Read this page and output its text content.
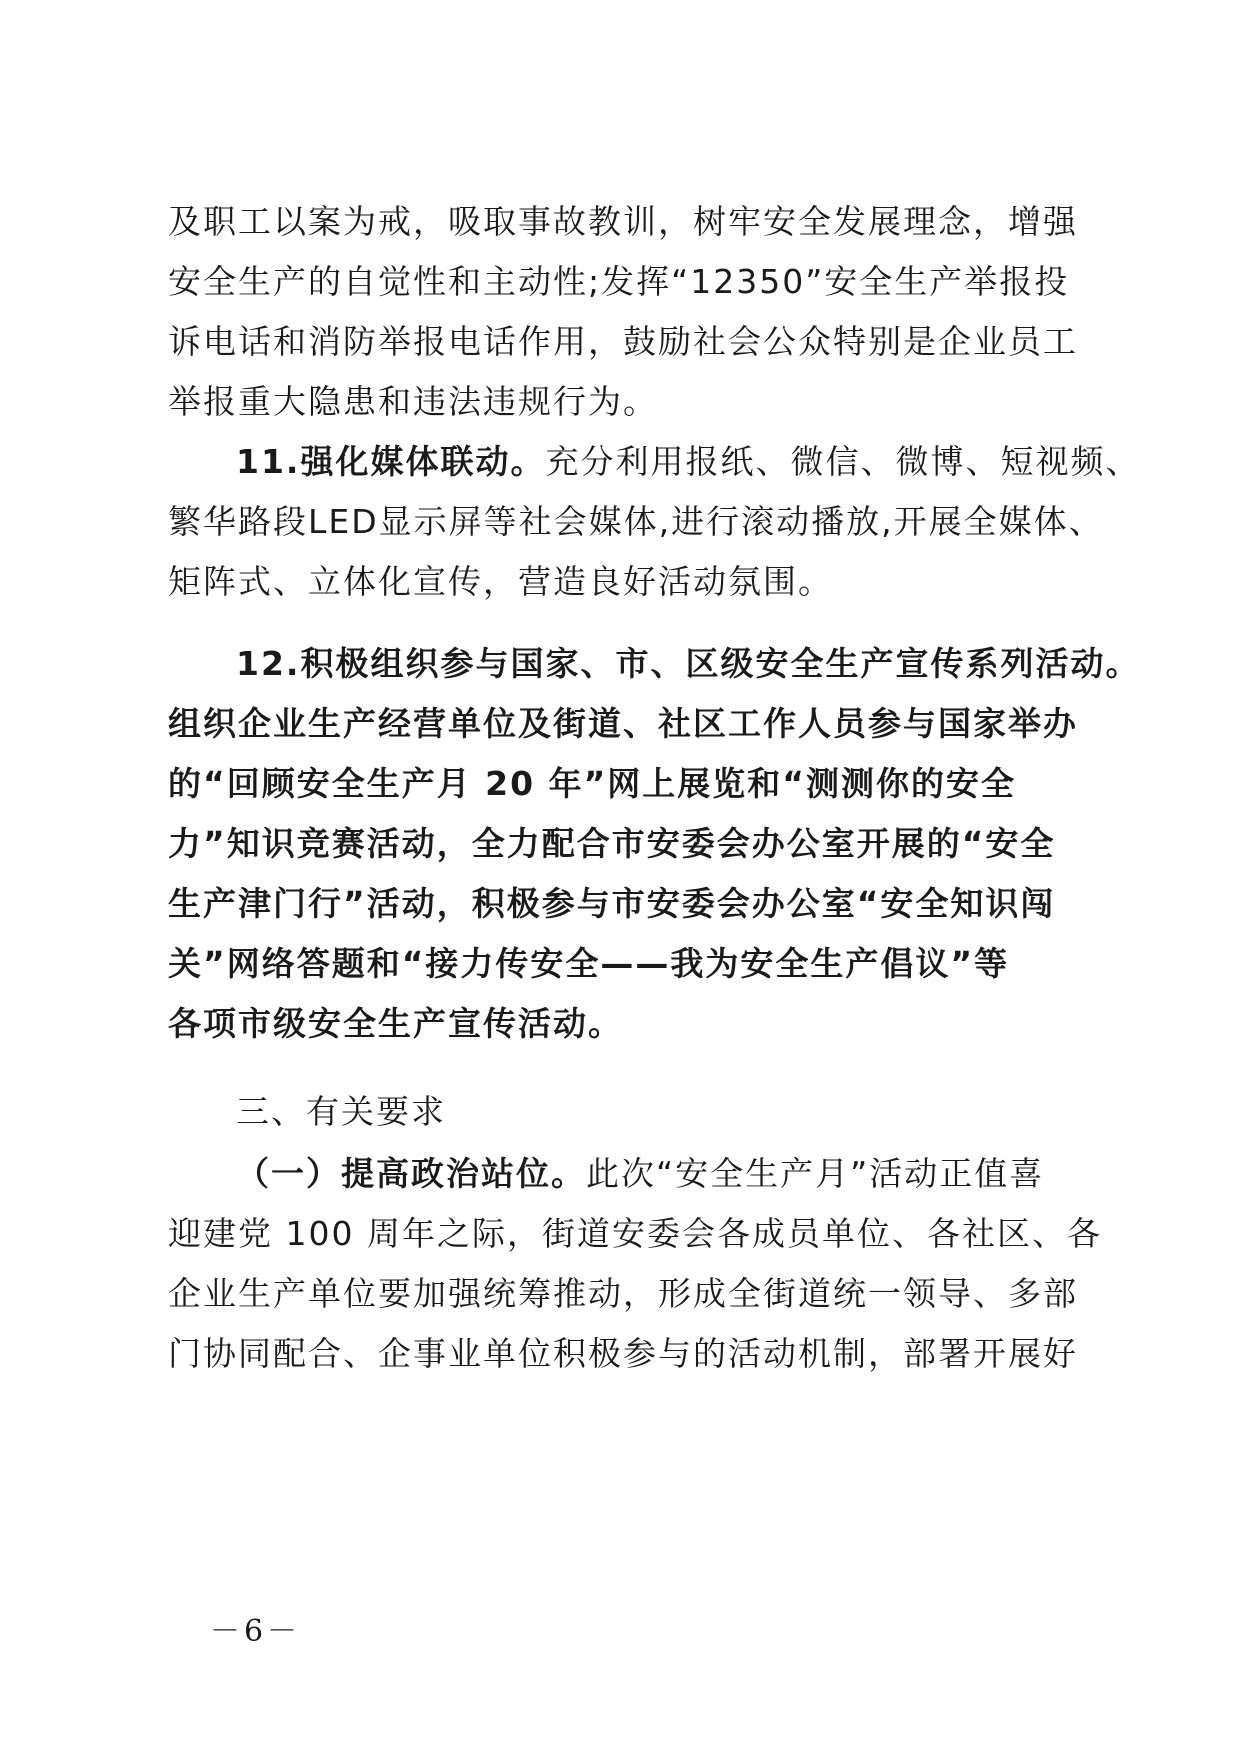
及职工以案为戒，吸取事故教训，树牢安全发展理念，增强
安全生产的自觉性和主动性;发挥“12350”安全生产举报投
诉电话和消防举报电话作用，鼓励社会公众特别是企业员工
举报重大隐患和违法违规行为。
11.强化媒体联动。充分利用报纸、微信、微博、短视频、
繁华路段LED显示屏等社会媒体,进行滚动播放,开展全媒体、
矩阵式、立体化宣传，营造良好活动氛围。
12.积极组织参与国家、市、区级安全生产宣传系列活动。
组织企业生产经营单位及街道、社区工作人员参与国家举办
的“回顾安全生产月 20 年”网上展览和“测测你的安全
力”知识竞赛活动，全力配合市安委会办公室开展的“安全
生产津门行”活动，积极参与市安委会办公室“安全知识闯
关”网络答题和“接力传安全——我为安全生产倡议”等
各项市级安全生产宣传活动。
三、有关要求
（一）提高政治站位。此次“安全生产月”活动正值喜
迎建党 100 周年之际，街道安委会各成员单位、各社区、各
企业生产单位要加强统筹推动，形成全街道统一领导、多部
门协同配合、企事业单位积极参与的活动机制，部署开展好
－6－
